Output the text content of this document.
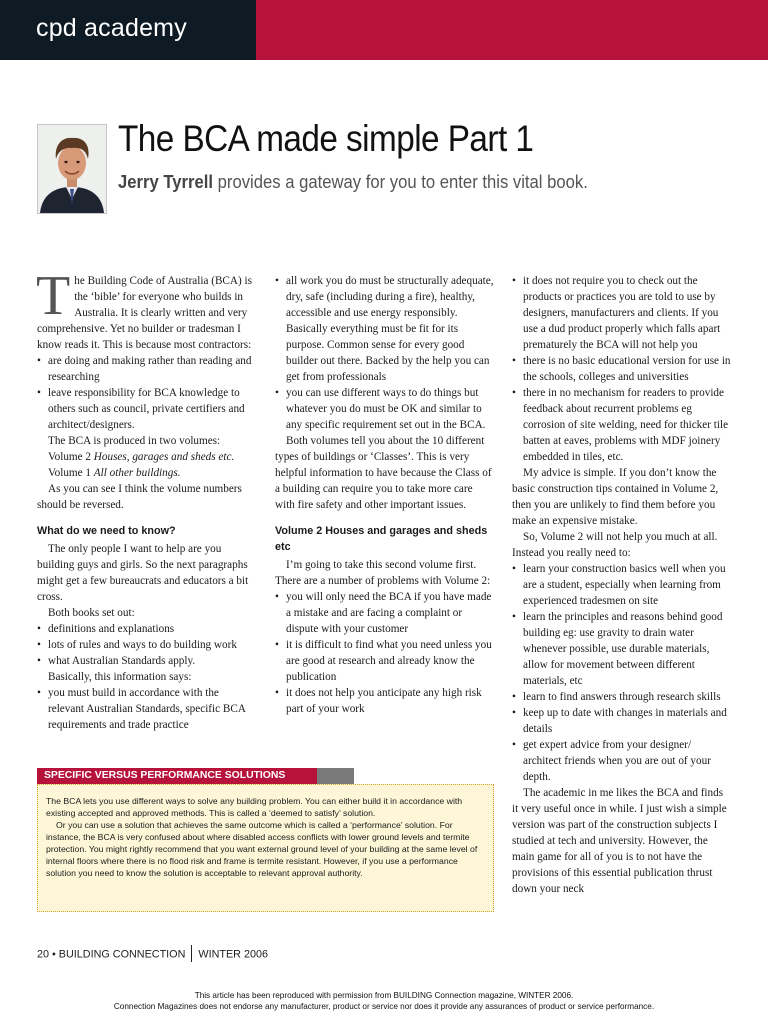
cpd academy
The BCA made simple Part 1
Jerry Tyrrell provides a gateway for you to enter this vital book.

The Building Code of Australia (BCA) is the ‘bible’ for everyone who builds in Australia. It is clearly written and very comprehensive. Yet no builder or tradesman I know reads it. This is because most contractors:

• are doing and making rather than reading and researching

• leave responsibility for BCA knowledge to others such as council, private certifiers and architect/designers.

The BCA is produced in two volumes:

Volume 2 Houses, garages and sheds etc.

Volume 1 All other buildings.

As you can see I think the volume numbers should be reversed.

What do we need to know?

The only people I want to help are you building guys and girls. So the next paragraphs might get a few bureaucrats and educators a bit cross.

Both books set out:

• definitions and explanations

• lots of rules and ways to do building work

• what Australian Standards apply.

Basically, this information says:

• you must build in accordance with the relevant Australian Standards, specific BCA requirements and trade practice

• all work you do must be structurally adequate, dry, safe (including during a fire), healthy, accessible and use energy responsibly. Basically everything must be fit for its purpose. Common sense for every good builder out there. Backed by the help you can get from professionals

• you can use different ways to do things but whatever you do must be OK and similar to any specific requirement set out in the BCA.

Both volumes tell you about the 10 different types of buildings or ‘Classes’. This is very helpful information to have because the Class of a building can require you to take more care with fire safety and other important issues.

Volume 2 Houses and garages and sheds etc

I’m going to take this second volume first. There are a number of problems with Volume 2:

• you will only need the BCA if you have made a mistake and are facing a complaint or dispute with your customer

• it is difficult to find what you need unless you are good at research and already know the publication

• it does not help you anticipate any high risk part of your work

• it does not require you to check out the products or practices you are told to use by designers, manufacturers and clients. If you use a dud product properly which falls apart prematurely the BCA will not help you

• there is no basic educational version for use in the schools, colleges and universities

• there in no mechanism for readers to provide feedback about recurrent problems eg corrosion of site welding, need for thicker tile batten at eaves, problems with MDF joinery embedded in tiles, etc.

My advice is simple. If you don’t know the basic construction tips contained in Volume 2, then you are unlikely to find them before you make an expensive mistake.

So, Volume 2 will not help you much at all. Instead you really need to:

• learn your construction basics well when you are a student, especially when learning from experienced tradesmen on site

• learn the principles and reasons behind good building eg: use gravity to drain water whenever possible, use durable materials, allow for movement between different materials, etc

• learn to find answers through research skills

• keep up to date with changes in materials and details

• get expert advice from your designer/ architect friends when you are out of your depth.

The academic in me likes the BCA and finds it very useful once in while. I just wish a simple version was part of the construction subjects I studied at tech and university. However, the main game for all of you is to not have the provisions of this essential publication thrust down your neck

SPECIFIC VERSUS PERFORMANCE SOLUTIONS

The BCA lets you use different ways to solve any building problem. You can either build it in accordance with existing accepted and approved methods. This is called a ‘deemed to satisfy’ solution.

Or you can use a solution that achieves the same outcome which is called a ‘performance’ solution. For instance, the BCA is very confused about where disabled access conflicts with lower ground levels and termite protection. You might rightly recommend that you want external ground level of your building at the same level of internal floors where there is no flood risk and frame is termite resistant. However, if you use a performance solution you need to know the solution is acceptable to relevant approval authority.

20 • BUILDING CONNECTION WINTER 2006
This article has been reproduced with permission from BUILDING Connection magazine, WINTER 2006.
Connection Magazines does not endorse any manufacturer, product or service nor does it provide any assurances of product or service performance.
